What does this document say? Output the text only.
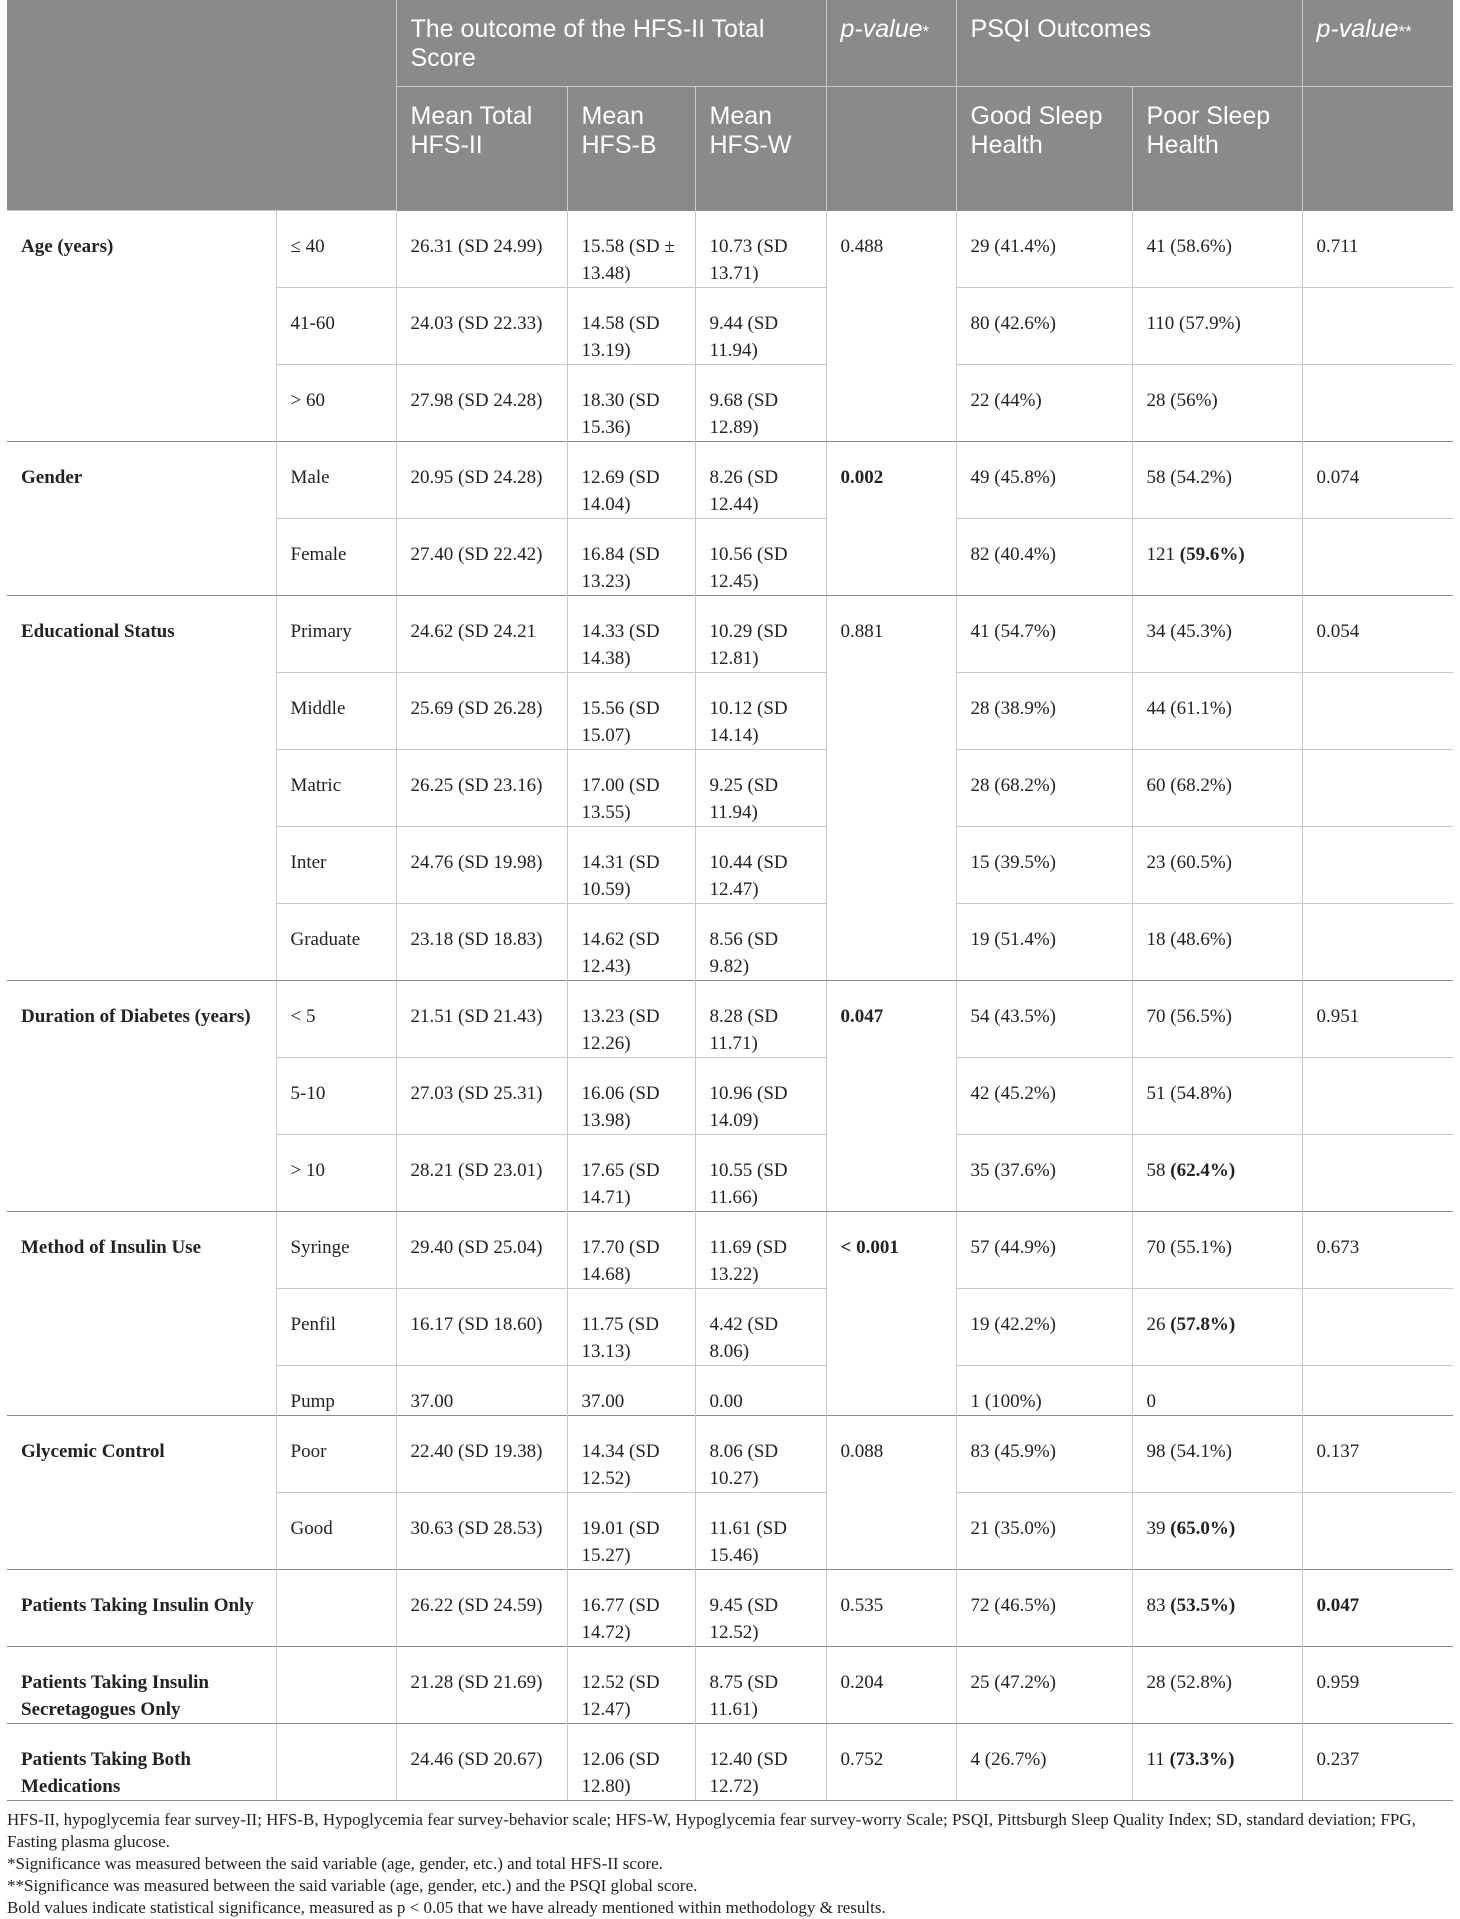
		The outcome of the HFS-II Total Score			p-value*	PSQI Outcomes		p-value**
		Mean Total HFS-II	Mean HFS-B	Mean HFS-W		Good Sleep Health	Poor Sleep Health	
Age (years)	≤ 40	26.31 (SD 24.99)	15.58 (SD ± 13.48)	10.73 (SD 13.71)	0.488	29 (41.4%)	41 (58.6%)	0.711
	41-60	24.03 (SD 22.33)	14.58 (SD 13.19)	9.44 (SD 11.94)		80 (42.6%)	110 (57.9%)	
	> 60	27.98 (SD 24.28)	18.30 (SD 15.36)	9.68 (SD 12.89)		22 (44%)	28 (56%)	
Gender	Male	20.95 (SD 24.28)	12.69 (SD 14.04)	8.26 (SD 12.44)	0.002	49 (45.8%)	58 (54.2%)	0.074
	Female	27.40 (SD 22.42)	16.84 (SD 13.23)	10.56 (SD 12.45)		82 (40.4%)	121 (59.6%)	
Educational Status	Primary	24.62 (SD 24.21	14.33 (SD 14.38)	10.29 (SD 12.81)	0.881	41 (54.7%)	34 (45.3%)	0.054
	Middle	25.69 (SD 26.28)	15.56 (SD 15.07)	10.12 (SD 14.14)		28 (38.9%)	44 (61.1%)	
	Matric	26.25 (SD 23.16)	17.00 (SD 13.55)	9.25 (SD 11.94)		28 (68.2%)	60 (68.2%)	
	Inter	24.76 (SD 19.98)	14.31 (SD 10.59)	10.44 (SD 12.47)		15 (39.5%)	23 (60.5%)	
	Graduate	23.18 (SD 18.83)	14.62 (SD 12.43)	8.56 (SD 9.82)		19 (51.4%)	18 (48.6%)	
Duration of Diabetes (years)	< 5	21.51 (SD 21.43)	13.23 (SD 12.26)	8.28 (SD 11.71)	0.047	54 (43.5%)	70 (56.5%)	0.951
	5-10	27.03 (SD 25.31)	16.06 (SD 13.98)	10.96 (SD 14.09)		42 (45.2%)	51 (54.8%)	
	> 10	28.21 (SD 23.01)	17.65 (SD 14.71)	10.55 (SD 11.66)		35 (37.6%)	58 (62.4%)	
Method of Insulin Use	Syringe	29.40 (SD 25.04)	17.70 (SD 14.68)	11.69 (SD 13.22)	< 0.001	57 (44.9%)	70 (55.1%)	0.673
	Penfil	16.17 (SD 18.60)	11.75 (SD 13.13)	4.42 (SD 8.06)		19 (42.2%)	26 (57.8%)	
	Pump	37.00	37.00	0.00		1 (100%)	0	
Glycemic Control	Poor	22.40 (SD 19.38)	14.34 (SD 12.52)	8.06 (SD 10.27)	0.088	83 (45.9%)	98 (54.1%)	0.137
	Good	30.63 (SD 28.53)	19.01 (SD 15.27)	11.61 (SD 15.46)		21 (35.0%)	39 (65.0%)	
Patients Taking Insulin Only		26.22 (SD 24.59)	16.77 (SD 14.72)	9.45 (SD 12.52)	0.535	72 (46.5%)	83 (53.5%)	0.047
Patients Taking Insulin Secretagogues Only		21.28 (SD 21.69)	12.52 (SD 12.47)	8.75 (SD 11.61)	0.204	25 (47.2%)	28 (52.8%)	0.959
Patients Taking Both Medications		24.46 (SD 20.67)	12.06 (SD 12.80)	12.40 (SD 12.72)	0.752	4 (26.7%)	11 (73.3%)	0.237

HFS-II, hypoglycemia fear survey-II; HFS-B, Hypoglycemia fear survey-behavior scale; HFS-W, Hypoglycemia fear survey-worry Scale; PSQI, Pittsburgh Sleep Quality Index; SD, standard deviation; FPG, Fasting plasma glucose.

*Significance was measured between the said variable (age, gender, etc.) and total HFS-II score.

**Significance was measured between the said variable (age, gender, etc.) and the PSQI global score.

Bold values indicate statistical significance, measured as p < 0.05 that we have already mentioned within methodology & results.
